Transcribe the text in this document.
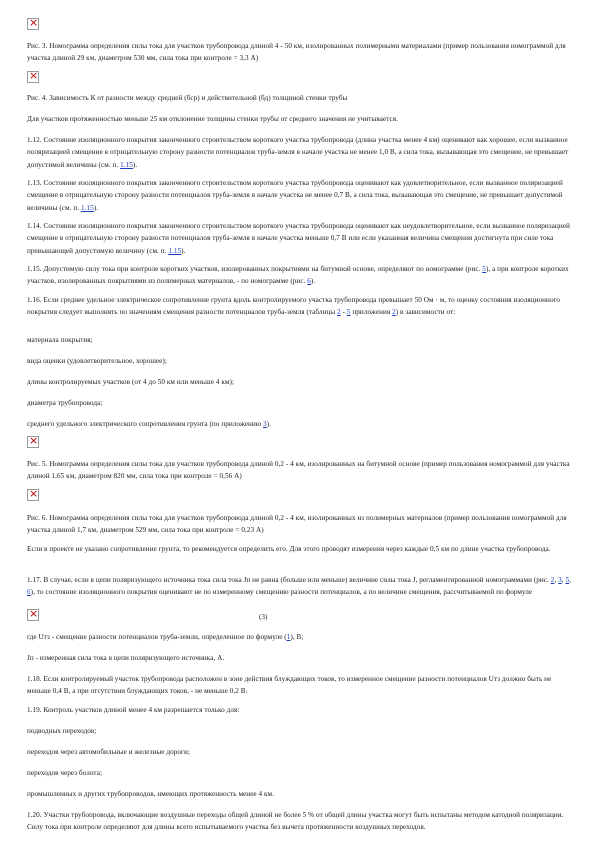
×

Рис. 3. Номограмма определения силы тока для участков трубопровода длиной 4 - 50 км, изолированных полимерными материалами (пример пользования номограммой для участка длиной 29 км, диаметром 530 мм, сила тока при контроле = 3,3 А)

×

Рис. 4. Зависимость К от разности между средней (бср) и действительной (бд) толщиной стенки трубы

Для участков протяженностью меньше 25 км отклонение толщины стенки трубы от среднего значения не учитывается.

1.12. Состояние изоляционного покрытия законченного строительством короткого участка трубопровода (длина участка менее 4 км) оценивают как хорошее, если вызванное поляризацией смещение в отрицательную сторону разности потенциалов труба-земля в начале участка не менее 1,0 В, а сила тока, вызывающая это смещение, не превышает допустимой величины (см. п. 1.15).

1.13. Состояние изоляционного покрытия законченного строительством короткого участка трубопровода оценивают как удовлетворительное, если вызванное поляризацией смещение в отрицательную сторону разности потенциалов труба-земля в начале участка не менее 0,7 В, а сила тока, вызывающая это смещение, не превышает допустимой величины (см. п. 1.15).

1.14. Состояние изоляционного покрытия законченного строительством короткого участка трубопровода оценивают как неудовлетворительное, если вызванное поляризацией смещение в отрицательную сторону разности потенциалов труба-земля в начале участка меньше 0,7 В или если указанная величина смещения достигнута при силе тока превышающей допустимую величину (см. п. 1.15).

1.15. Допустимую силу тока при контроле коротких участков, изолированных покрытиями на битумной основе, определяют по номограмме (рис. 5), а при контроле коротких участков, изолированных покрытиями из полимерных материалов, - по номограмме (рис. 6).

1.16. Если среднее удельное электрическое сопротивление грунта вдоль контролируемого участка трубопровода превышает 50 Ом · м, то оценку состояния изоляционного покрытия следует выполнять по значениям смещения разности потенциалов труба-земля (таблицы 2 - 5 приложения 2) в зависимости от:

материала покрытия;

вида оценки (удовлетворительное, хорошее);

длины контролируемых участков (от 4 до 50 км или меньше 4 км);

диаметра трубопровода;

среднего удельного электрического сопротивления грунта (по приложению 3).

×

Рис. 5. Номограмма определения силы тока для участков трубопровода длиной 0,2 - 4 км, изолированных на битумной основе (пример пользования номограммой для участка длиной 1,65 км, диаметром 820 мм, сила тока при контроле = 0,56 А)

×

Рис. 6. Номограмма определения силы тока для участков трубопровода длиной 0,2 - 4 км, изолированных из полимерных материалов (пример пользования номограммой для участка длиной 1,7 км, диаметром 529 мм, сила тока при контроле = 0,23 А)

Если в проекте не указано сопротивление грунта, то рекомендуется определить его. Для этого проводят измерения через каждые 0,5 км по длине участка трубопровода.

1.17. В случае, если в цепи поляризующего источника тока сила тока Jп не равна (больше или меньше) величине силы тока J, регламентированной номограммами (рис. 2, 3, 5, 6), то состояние изоляционного покрытия оценивают не по измеренному смещению разности потенциалов, а по величине смещения, рассчитываемой по формуле

×
(3)

где Uтз - смещение разности потенциалов труба-земли, определенное по формуле (1), В;

Jп - измеренная сила тока в цепи поляризующего источника, А.

1.18. Если контролируемый участок трубопровода расположен в зоне действия блуждающих токов, то измеренное смещение разности потенциалов Uтз должно быть не меньше 0,4 В, а при отсутствии блуждающих токов, - не меньше 0,2 В.

1.19. Контроль участков длиной менее 4 км разрешается только для:

подводных переходов;

переходов через автомобильные и железные дороги;

переходов через болота;

промышленных и других трубопроводов, имеющих протяженность менее 4 км.

1.20. Участки трубопровода, включающие воздушные переходы общей длиной не более 5 % от общей длины участка могут быть испытаны методом катодной поляризации. Силу тока при контроле определяют для длины всего испытываемого участка без вычета протяженности воздушных переходов.
